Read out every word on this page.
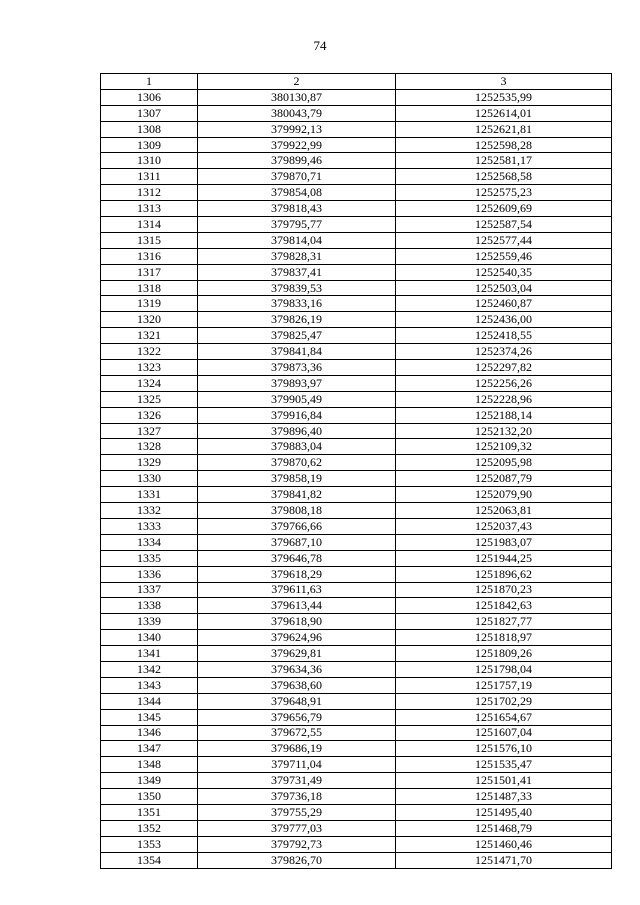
74
1	2	3
1306	380130,87	1252535,99
1307	380043,79	1252614,01
1308	379992,13	1252621,81
1309	379922,99	1252598,28
1310	379899,46	1252581,17
1311	379870,71	1252568,58
1312	379854,08	1252575,23
1313	379818,43	1252609,69
1314	379795,77	1252587,54
1315	379814,04	1252577,44
1316	379828,31	1252559,46
1317	379837,41	1252540,35
1318	379839,53	1252503,04
1319	379833,16	1252460,87
1320	379826,19	1252436,00
1321	379825,47	1252418,55
1322	379841,84	1252374,26
1323	379873,36	1252297,82
1324	379893,97	1252256,26
1325	379905,49	1252228,96
1326	379916,84	1252188,14
1327	379896,40	1252132,20
1328	379883,04	1252109,32
1329	379870,62	1252095,98
1330	379858,19	1252087,79
1331	379841,82	1252079,90
1332	379808,18	1252063,81
1333	379766,66	1252037,43
1334	379687,10	1251983,07
1335	379646,78	1251944,25
1336	379618,29	1251896,62
1337	379611,63	1251870,23
1338	379613,44	1251842,63
1339	379618,90	1251827,77
1340	379624,96	1251818,97
1341	379629,81	1251809,26
1342	379634,36	1251798,04
1343	379638,60	1251757,19
1344	379648,91	1251702,29
1345	379656,79	1251654,67
1346	379672,55	1251607,04
1347	379686,19	1251576,10
1348	379711,04	1251535,47
1349	379731,49	1251501,41
1350	379736,18	1251487,33
1351	379755,29	1251495,40
1352	379777,03	1251468,79
1353	379792,73	1251460,46
1354	379826,70	1251471,70
